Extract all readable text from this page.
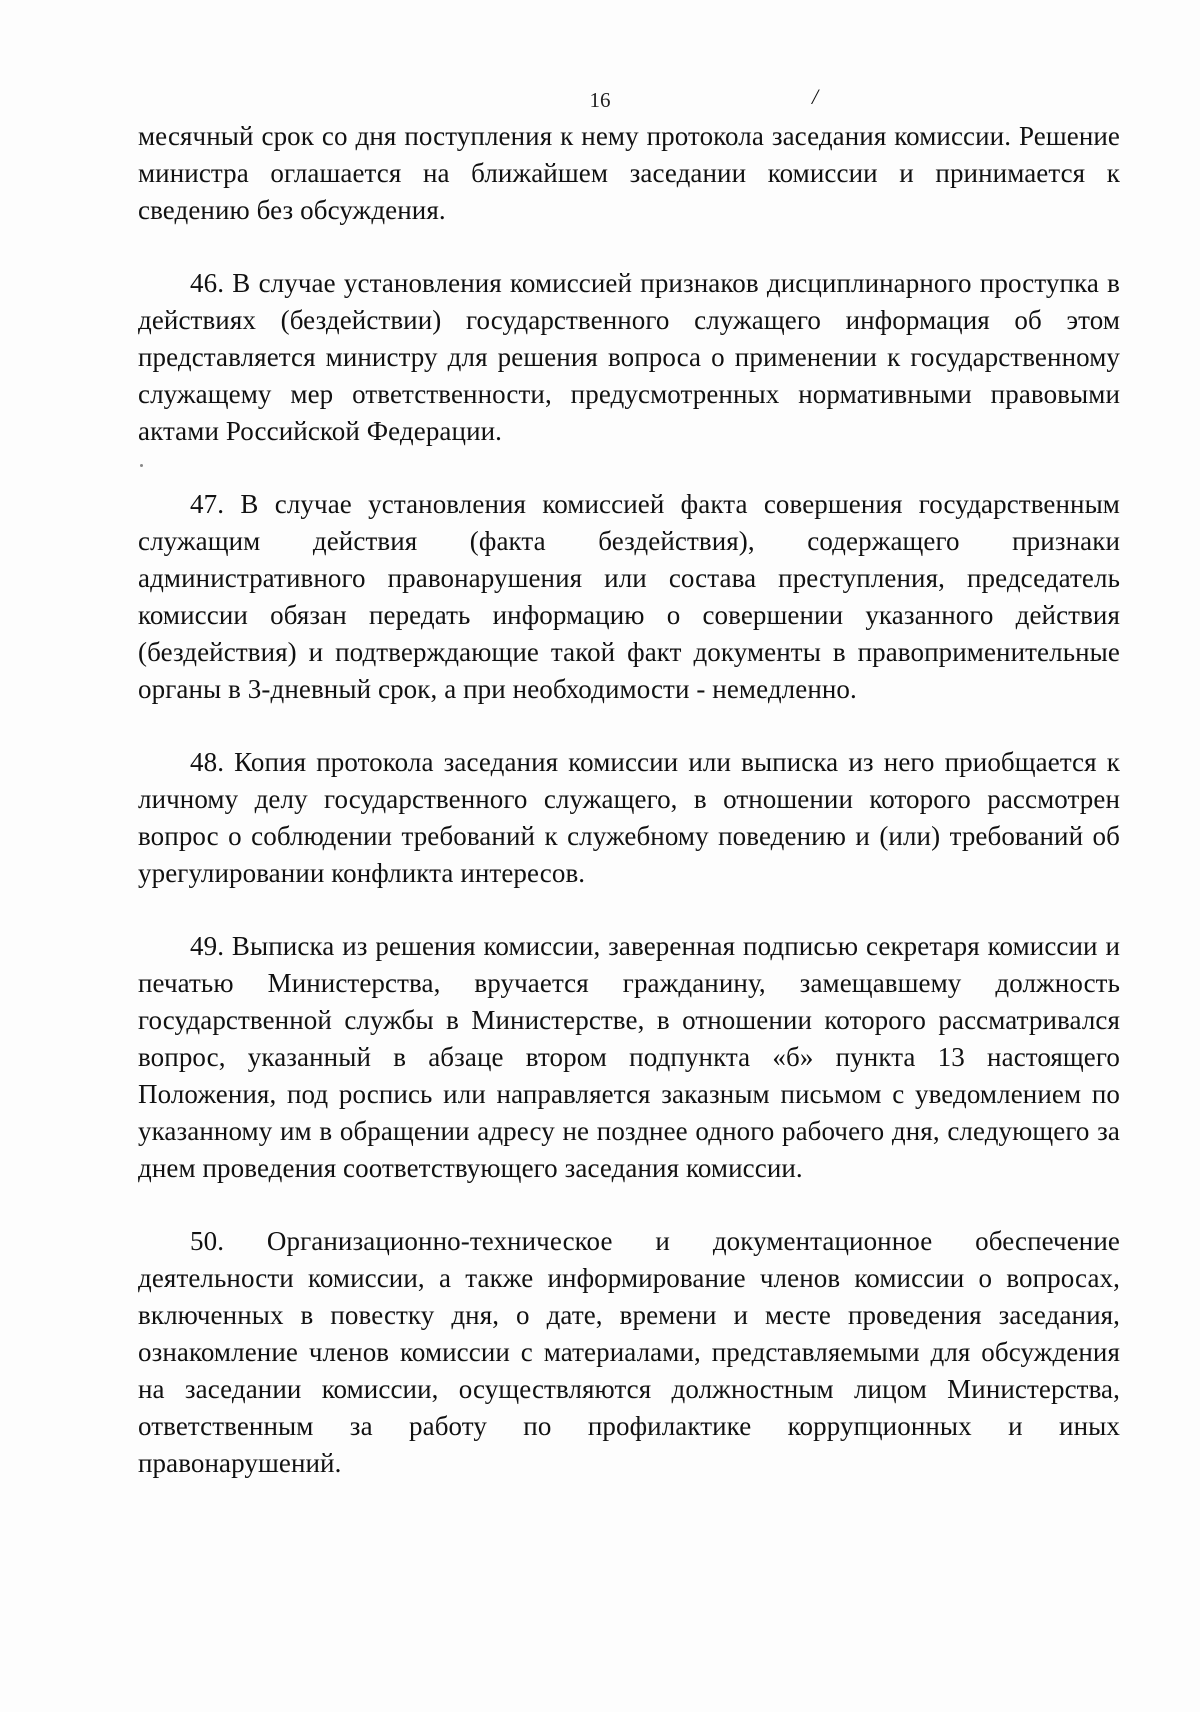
16	/

месячный срок со дня поступления к нему протокола заседания комиссии. Решение министра оглашается на ближайшем заседании комиссии и принимается к сведению без обсуждения.

46. В случае установления комиссией признаков дисциплинарного проступка в действиях (бездействии) государственного служащего информация об этом представляется министру для решения вопроса о применении к государственному служащему мер ответственности, предусмотренных нормативными правовыми актами Российской Федерации.

47. В случае установления комиссией факта совершения государственным служащим действия (факта бездействия), содержащего признаки административного правонарушения или состава преступления, председатель комиссии обязан передать информацию о совершении указанного действия (бездействия) и подтверждающие такой факт документы в правоприменительные органы в 3-дневный срок, а при необходимости - немедленно.

48. Копия протокола заседания комиссии или выписка из него приобщается к личному делу государственного служащего, в отношении которого рассмотрен вопрос о соблюдении требований к служебному поведению и (или) требований об урегулировании конфликта интересов.

49. Выписка из решения комиссии, заверенная подписью секретаря комиссии и печатью Министерства, вручается гражданину, замещавшему должность государственной службы в Министерстве, в отношении которого рассматривался вопрос, указанный в абзаце втором подпункта «б» пункта 13 настоящего Положения, под роспись или направляется заказным письмом с уведомлением по указанному им в обращении адресу не позднее одного рабочего дня, следующего за днем проведения соответствующего заседания комиссии.

50. Организационно-техническое и документационное обеспечение деятельности комиссии, а также информирование членов комиссии о вопросах, включенных в повестку дня, о дате, времени и месте проведения заседания, ознакомление членов комиссии с материалами, представляемыми для обсуждения на заседании комиссии, осуществляются должностным лицом Министерства, ответственным за работу по профилактике коррупционных и иных правонарушений.
